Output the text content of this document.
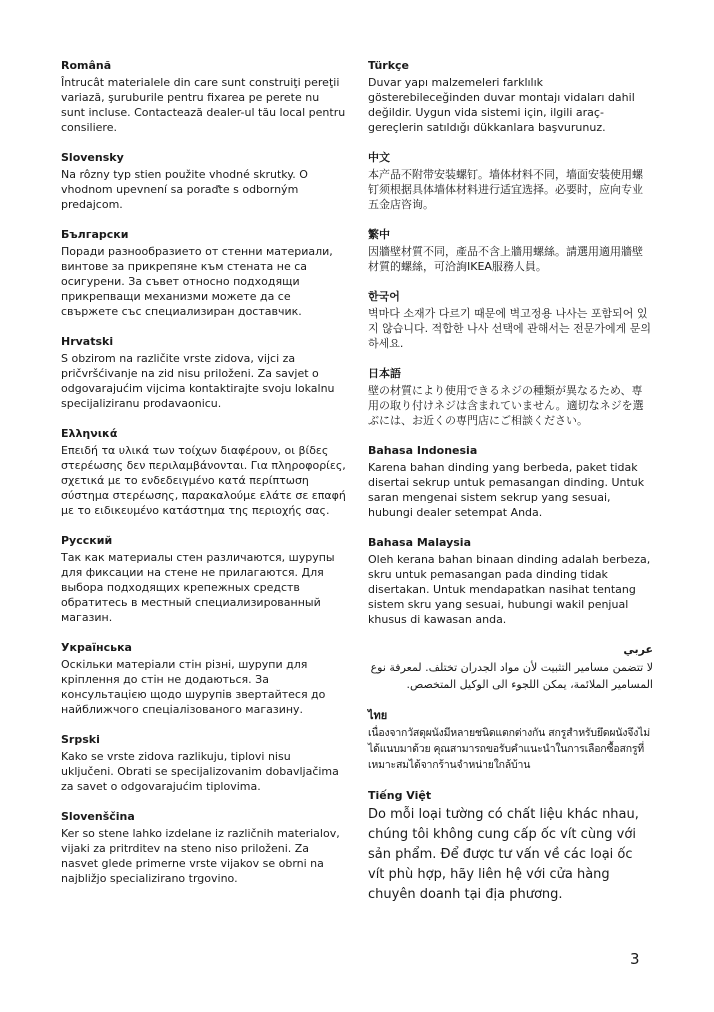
Română

Întrucât materialele din care sunt construiţi pereţii variază, şuruburile pentru fixarea pe perete nu sunt incluse. Contactează dealer-ul tău local pentru consiliere.

Slovensky

Na rôzny typ stien použite vhodné skrutky. O vhodnom upevnení sa poraďte s odborným predajcom.

Български

Поради разнообразието от стенни материали, винтове за прикрепяне към стената не са осигурени. За съвет относно подходящи прикрепващи механизми можете да се свържете със специализиран доставчик.

Hrvatski

S obzirom na različite vrste zidova, vijci za pričvršćivanje na zid nisu priloženi. Za savjet o odgovarajućim vijcima kontaktirajte svoju lokalnu specijaliziranu prodavaonicu.

Ελληνικά

Επειδή τα υλικά των τοίχων διαφέρουν, οι βίδες στερέωσης δεν περιλαμβάνονται. Για πληροφορίες, σχετικά με το ενδεδειγμένο κατά περίπτωση σύστημα στερέωσης, παρακαλούμε ελάτε σε επαφή με το ειδικευμένο κατάστημα της περιοχής σας.

Русский

Так как материалы стен различаются, шурупы для фиксации на стене не прилагаются. Для выбора подходящих крепежных средств обратитесь в местный специализированный магазин.

Українська

Оскільки матеріали стін різні, шурупи для кріплення до стін не додаються. За консультацією щодо шурупів звертайтеся до найближчого спеціалізованого магазину.

Srpski

Kako se vrste zidova razlikuju, tiplovi nisu uključeni. Obrati se specijalizovanim dobavljačima za savet o odgovarajućim tiplovima.

Slovenščina

Ker so stene lahko izdelane iz različnih materialov, vijaki za pritrditev na steno niso priloženi. Za nasvet glede primerne vrste vijakov se obrni na najbližjo specializirano trgovino.

Türkçe

Duvar yapı malzemeleri farklılık gösterebileceğinden duvar montajı vidaları dahil değildir. Uygun vida sistemi için, ilgili araç-gereçlerin satıldığı dükkanlara başvurunuz.

中文

本产品不附带安装螺钉。墙体材料不同，墙面安装使用螺钉须根据具体墙体材料进行适宜选择。必要时，应向专业五金店咨询。

繁中

因牆壁材質不同，產品不含上牆用螺絲。請選用適用牆壁材質的螺絲，可洽詢IKEA服務人員。

한국어

벽마다 소재가 다르기 때문에 벽고정용 나사는 포함되어 있지 않습니다. 적합한 나사 선택에 관해서는 전문가에게 문의하세요.

日本語

壁の材質により使用できるネジの種類が異なるため、専用の取り付けネジは含まれていません。適切なネジを選ぶには、お近くの専門店にご相談ください。

Bahasa Indonesia

Karena bahan dinding yang berbeda, paket tidak disertai sekrup untuk pemasangan dinding. Untuk saran mengenai sistem sekrup yang sesuai, hubungi dealer setempat Anda.

Bahasa Malaysia

Oleh kerana bahan binaan dinding adalah berbeza, skru untuk pemasangan pada dinding tidak disertakan. Untuk mendapatkan nasihat tentang sistem skru yang sesuai, hubungi wakil penjual khusus di kawasan anda.

عربي

لا تتضمن مسامير التثبيت لأن مواد الجدران تختلف. لمعرفة نوع المسامير الملائمة، يمكن اللجوء الى الوكيل المتخصص.

ไทย

เนื่องจากวัสดุผนังมีหลายชนิดแตกต่างกัน สกรูสำหรับยึดผนังจึงไม่ได้แนบมาด้วย คุณสามารถขอรับคำแนะนำในการเลือกซื้อสกรูที่เหมาะสมได้จากร้านจำหน่ายใกล้บ้าน

Tiếng Việt

Do mỗi loại tường có chất liệu khác nhau, chúng tôi không cung cấp ốc vít cùng với sản phẩm. Để được tư vấn về các loại ốc vít phù hợp, hãy liên hệ với cửa hàng chuyên doanh tại địa phương.

3
